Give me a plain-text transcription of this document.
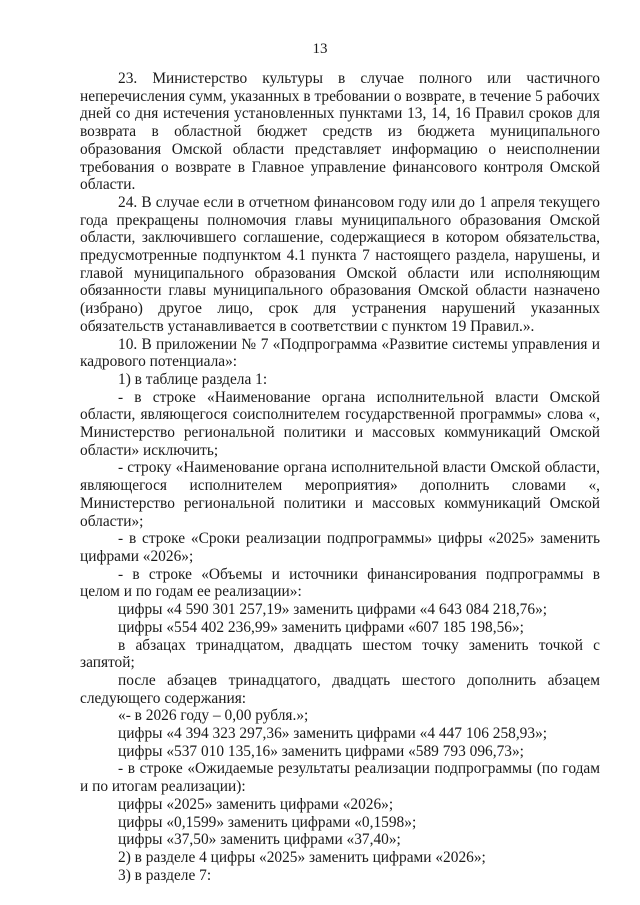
13

23. Министерство культуры в случае полного или частичного неперечисления сумм, указанных в требовании о возврате, в течение 5 рабочих дней со дня истечения установленных пунктами 13, 14, 16 Правил сроков для возврата в областной бюджет средств из бюджета муниципального образования Омской области представляет информацию о неисполнении требования о возврате в Главное управление финансового контроля Омской области.

24. В случае если в отчетном финансовом году или до 1 апреля текущего года прекращены полномочия главы муниципального образования Омской области, заключившего соглашение, содержащиеся в котором обязательства, предусмотренные подпунктом 4.1 пункта 7 настоящего раздела, нарушены, и главой муниципального образования Омской области или исполняющим обязанности главы муниципального образования Омской области назначено (избрано) другое лицо, срок для устранения нарушений указанных обязательств устанавливается в соответствии с пунктом 19 Правил.».

10. В приложении № 7 «Подпрограмма «Развитие системы управления и кадрового потенциала»:

1) в таблице раздела 1:

- в строке «Наименование органа исполнительной власти Омской области, являющегося соисполнителем государственной программы» слова «, Министерство региональной политики и массовых коммуникаций Омской области» исключить;

- строку «Наименование органа исполнительной власти Омской области, являющегося исполнителем мероприятия» дополнить словами «, Министерство региональной политики и массовых коммуникаций Омской области»;

- в строке «Сроки реализации подпрограммы» цифры «2025» заменить цифрами «2026»;

- в строке «Объемы и источники финансирования подпрограммы в целом и по годам ее реализации»:

цифры «4 590 301 257,19» заменить цифрами «4 643 084 218,76»;

цифры «554 402 236,99» заменить цифрами «607 185 198,56»;

в абзацах тринадцатом, двадцать шестом точку заменить точкой с запятой;

после абзацев тринадцатого, двадцать шестого дополнить абзацем следующего содержания:

«- в 2026 году – 0,00 рубля.»;

цифры «4 394 323 297,36» заменить цифрами «4 447 106 258,93»;

цифры «537 010 135,16» заменить цифрами «589 793 096,73»;

- в строке «Ожидаемые результаты реализации подпрограммы (по годам и по итогам реализации):

цифры «2025» заменить цифрами «2026»;

цифры «0,1599» заменить цифрами «0,1598»;

цифры «37,50» заменить цифрами «37,40»;

2) в разделе 4 цифры «2025» заменить цифрами «2026»;

3) в разделе 7:
